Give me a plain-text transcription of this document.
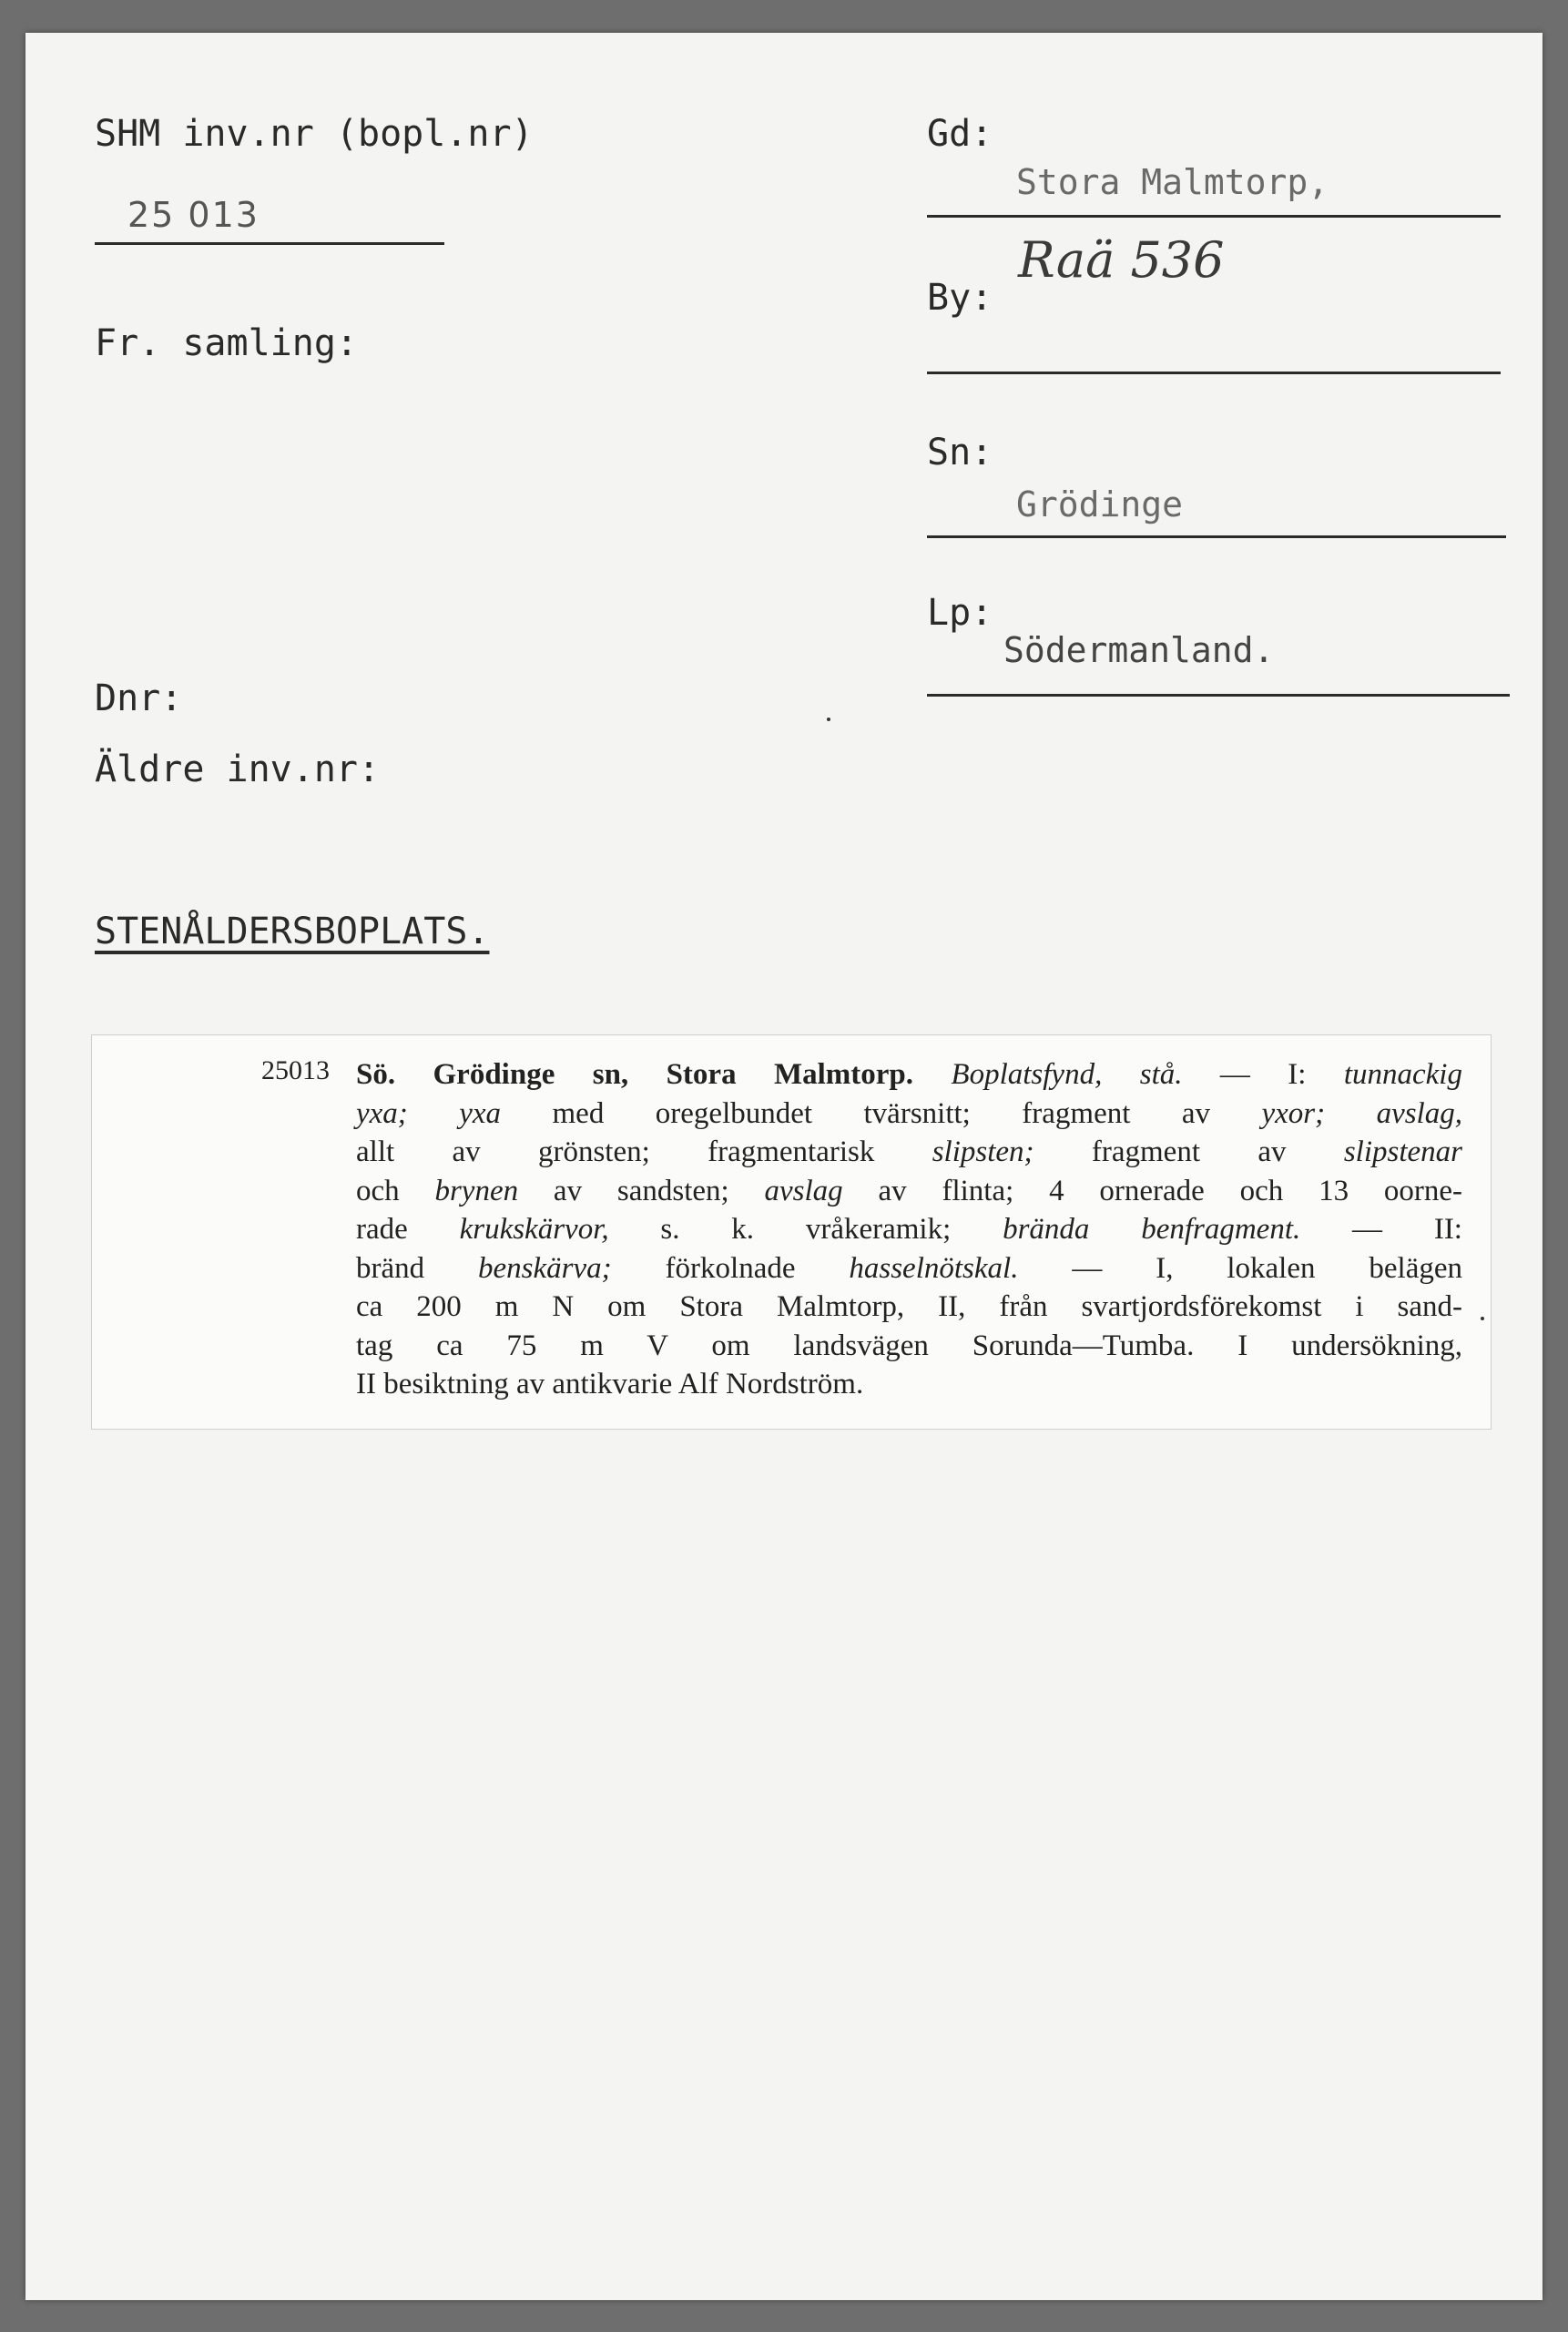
SHM inv.nr (bopl.nr)
25 013
Fr. samling:
Dnr:
Äldre inv.nr:
STENÅLDERSBOPLATS.
Gd:
Stora Malmtorp,
By:
Raä 536
Sn:
Grödinge
Lp:
Södermanland.
25013 Sö. Grödinge sn, Stora Malmtorp. Boplatsfynd, stå. — I: tunnackig
yxa; yxa med oregelbundet tvärsnitt; fragment av yxor; avslag,
allt av grönsten; fragmentarisk slipsten; fragment av slipstenar
och brynen av sandsten; avslag av flinta; 4 ornerade och 13 oorne-
rade krukskärvor, s. k. vråkeramik; brända benfragment. — II:
bränd benskärva; förkolnade hasselnötskal. — I, lokalen belägen
ca 200 m N om Stora Malmtorp, II, från svartjordsförekomst i sand-
tag ca 75 m V om landsvägen Sorunda—Tumba. I undersökning,
II besiktning av antikvarie Alf Nordström.
